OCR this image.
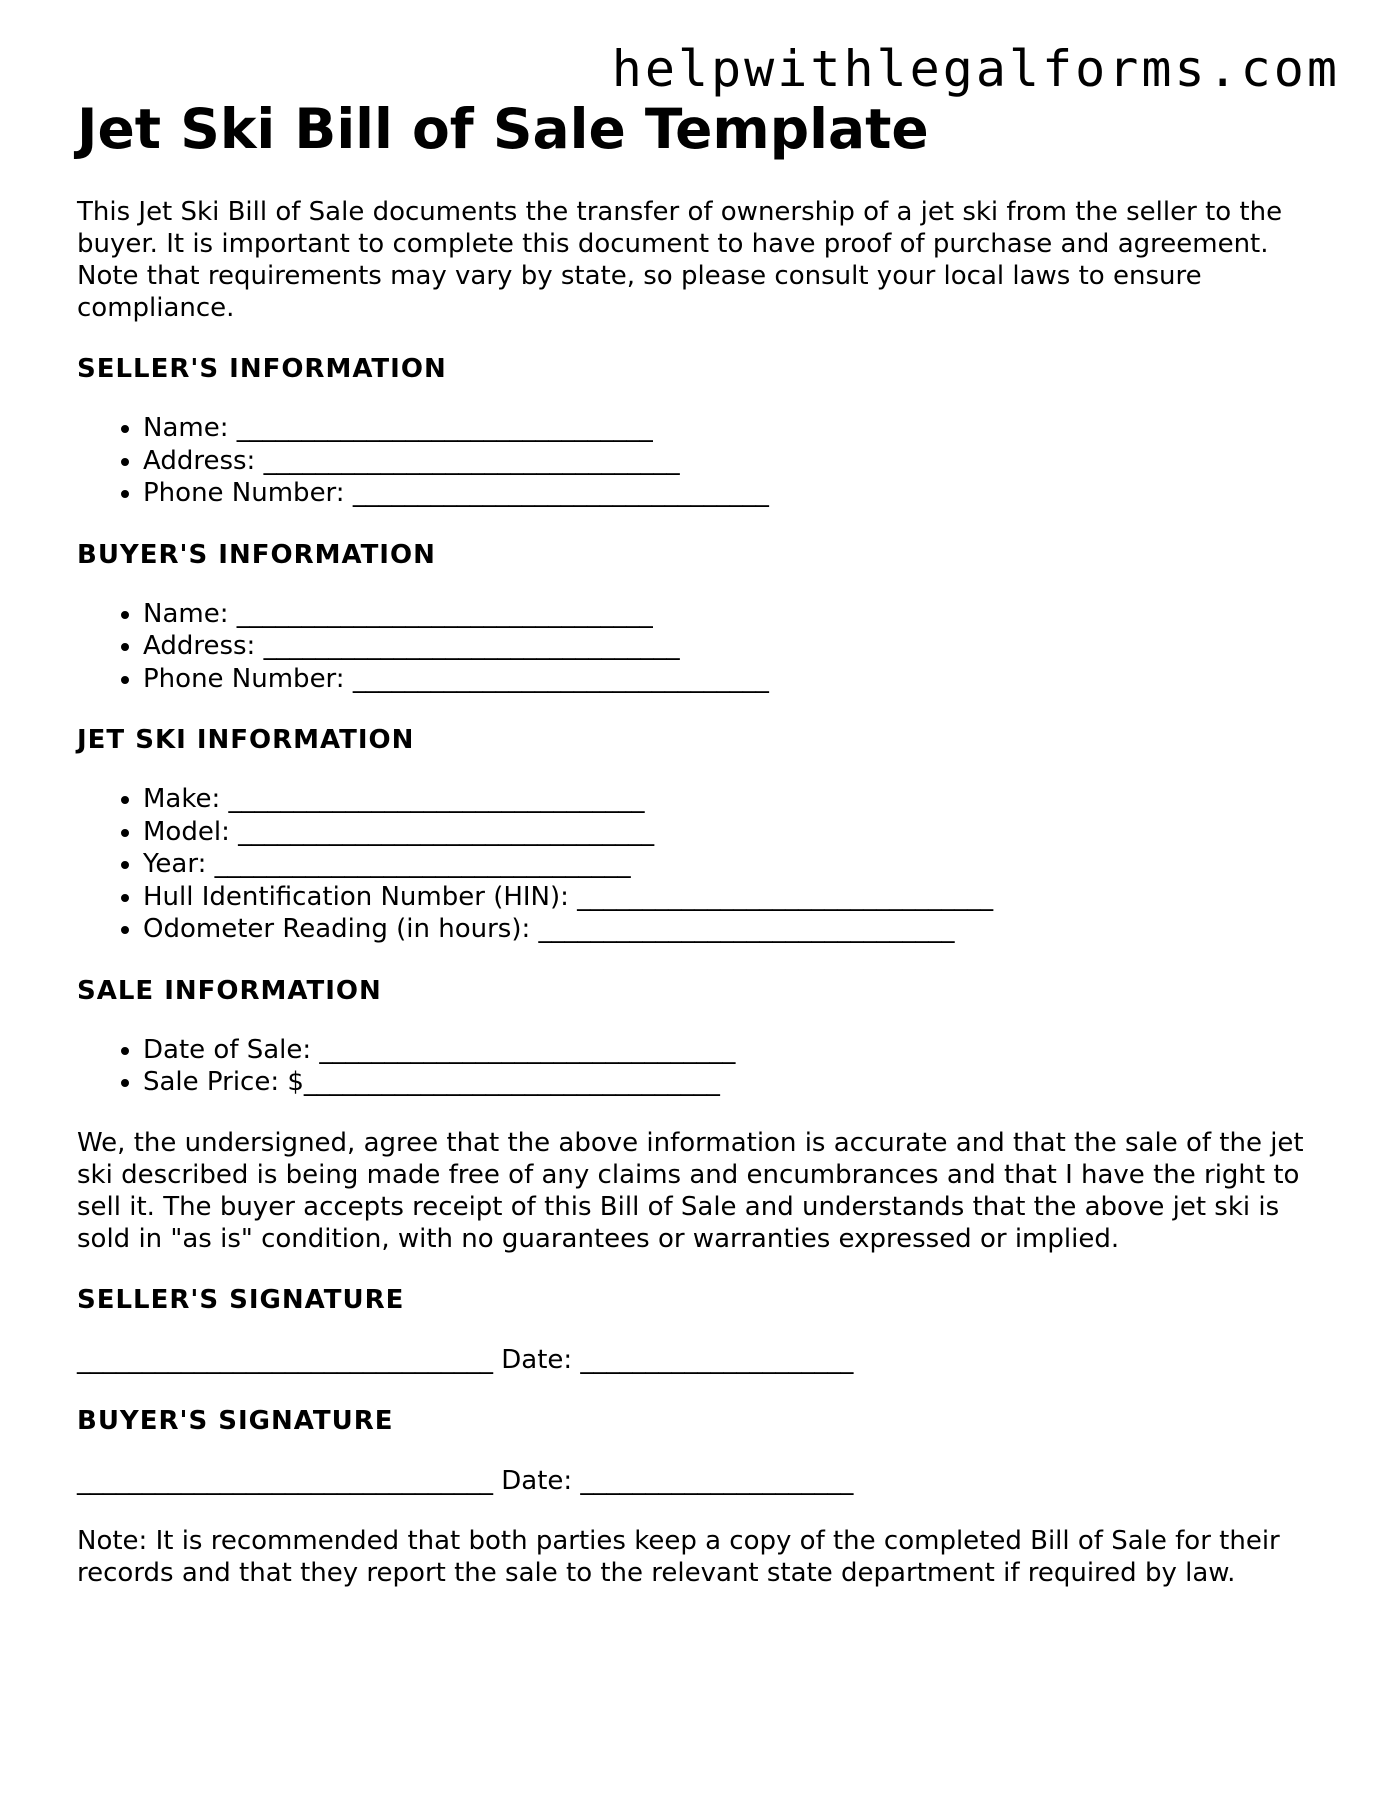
helpwithlegalforms.com
Jet Ski Bill of Sale Template

This Jet Ski Bill of Sale documents the transfer of ownership of a jet ski from the seller to the buyer. It is important to complete this document to have proof of purchase and agreement. Note that requirements may vary by state, so please consult your local laws to ensure compliance.

SELLER'S INFORMATION
• Name: ________________________________
• Address: ________________________________
• Phone Number: ________________________________
BUYER'S INFORMATION
• Name: ________________________________
• Address: ________________________________
• Phone Number: ________________________________
JET SKI INFORMATION
• Make: ________________________________
• Model: ________________________________
• Year: ________________________________
• Hull Identification Number (HIN): ________________________________
• Odometer Reading (in hours): ________________________________
SALE INFORMATION
• Date of Sale: ________________________________
• Sale Price: $________________________________

We, the undersigned, agree that the above information is accurate and that the sale of the jet ski described is being made free of any claims and encumbrances and that I have the right to sell it. The buyer accepts receipt of this Bill of Sale and understands that the above jet ski is sold in "as is" condition, with no guarantees or warranties expressed or implied.

SELLER'S SIGNATURE
________________________________ Date: _____________________
BUYER'S SIGNATURE
________________________________ Date: _____________________

Note: It is recommended that both parties keep a copy of the completed Bill of Sale for their records and that they report the sale to the relevant state department if required by law.
